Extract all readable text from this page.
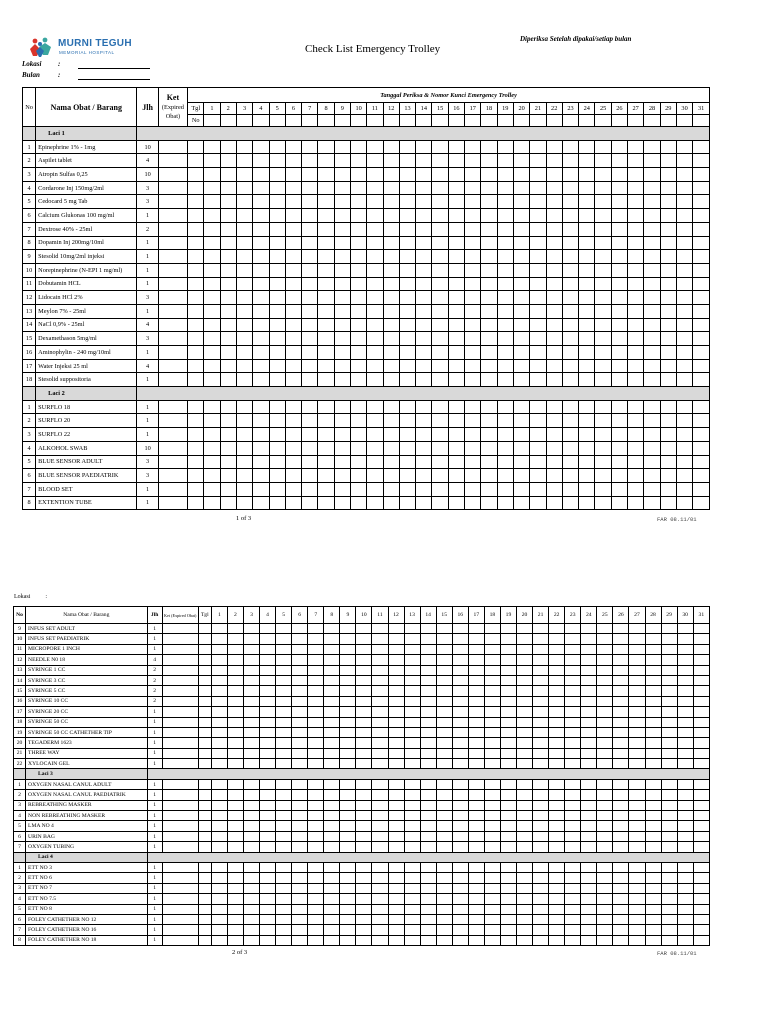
MURNI TEGUH
MEMORIAL HOSPITAL	Check List Emergency Trolley
Diperiksa Setelah dipakai/setiap bulan
Lokasi :
Bulan	:
No	Nama Obat / Barang	Jlh	Ket
(Expired
Obat)	Tanggal Periksa & Nomor Kunci Emergency Trolley																															
				Tgl	1	2	3	4	5	6	7	8	9	10	11	12	13	14	15	16	17	18	19	20	21	22	23	24	25	26	27	28	29	30	31
				No																															
	Laci 1																																		
1	Epinephrine 1% - 1mg	10																																	
2	Aspilet tablet	4																																	
3	Atropin Sulfas 0,25	10																																	
4	Cordarone Inj 150mg/2ml	3																																	
5	Cedocard 5 mg Tab	3																																	
6	Calcium Glukonas 100 mg/ml	1																																	
7	Dextrose 40% - 25ml	2																																	
8	Dopamin Inj 200mg/10ml	1																																	
9	Stesolid 10mg/2ml injeksi	1																																	
10	Norepinephrine (N-EPI 1 mg/ml)	1																																	
11	Dobutamin HCL	1																																	
12	Lidocain HCl 2%	3																																	
13	Meylon 7% - 25ml	1																																	
14	NaCl 0,9% - 25ml	4																																	
15	Dexamethason 5mg/ml	3																																	
16	Aminophylin - 240 mg/10ml	1																																	
17	Water Injeksi 25 ml	4																																	
18	Stesolid suppositoria	1																																	
	Laci 2																																		
1	SURFLO 18	1																																	
2	SURFLO 20	1																																	
3	SURFLO 22	1																																	
4	ALKOHOL SWAB	10																																	
5	BLUE SENSOR ADULT	3																																	
6	BLUE SENSOR PAEDIATRIK	3																																	
7	BLOOD SET	1																																	
8	EXTENTION TUBE	1																																	
1 of 3	FAR 08.11/01
Lokasi	:
No	Nama Obat / Barang	Jlh	Ket (Expired Obat)	Tgl	1	2	3	4	5	6	7	8	9	10	11	12	13	14	15	16	17	18	19	20	21	22	23	24	25	26	27	28	29	30	31
9	INFUS SET ADULT	1																																	
10	INFUS SET PAEDIATRIK	1																																	
11	MICROPORE 1 INCH	1																																	
12	NEEDLE N0 18	4																																	
13	SYRINGE 1 CC	2																																	
14	SYRINGE 3 CC	2																																	
15	SYRINGE 5 CC	2																																	
16	SYRINGE 10 CC	2																																	
17	SYRINGE 20 CC	1																																	
18	SYRINGE 50 CC	1																																	
19	SYRINGE 50 CC CATHETHER TIP	1																																	
20	TEGADERM 1623	1																																	
21	THREE WAY	1																																	
22	XYLOCAIN GEL	1																																	
	Laci 3																																		
1	OXYGEN NASAL CANUL ADULT	1																																	
2	OXYGEN NASAL CANUL PAEDIATRIK	1																																	
3	REBREATHING MASKER	1																																	
4	NON REBREATHING MASKER	1																																	
5	LMA NO 4	1																																	
6	URIN BAG	1																																	
7	OXYGEN TUBING	1																																	
	Laci 4																																		
1	ETT NO 3	1																																	
2	ETT NO 6	1																																	
3	ETT NO 7	1																																	
4	ETT NO 7.5	1																																	
5	ETT NO 8	1																																	
6	FOLEY CATHETHER NO 12	1																																	
7	FOLEY CATHETHER NO 16	1																																	
8	FOLEY CATHETHER NO 18	1																																	
2 of 3	FAR 08.11/01
